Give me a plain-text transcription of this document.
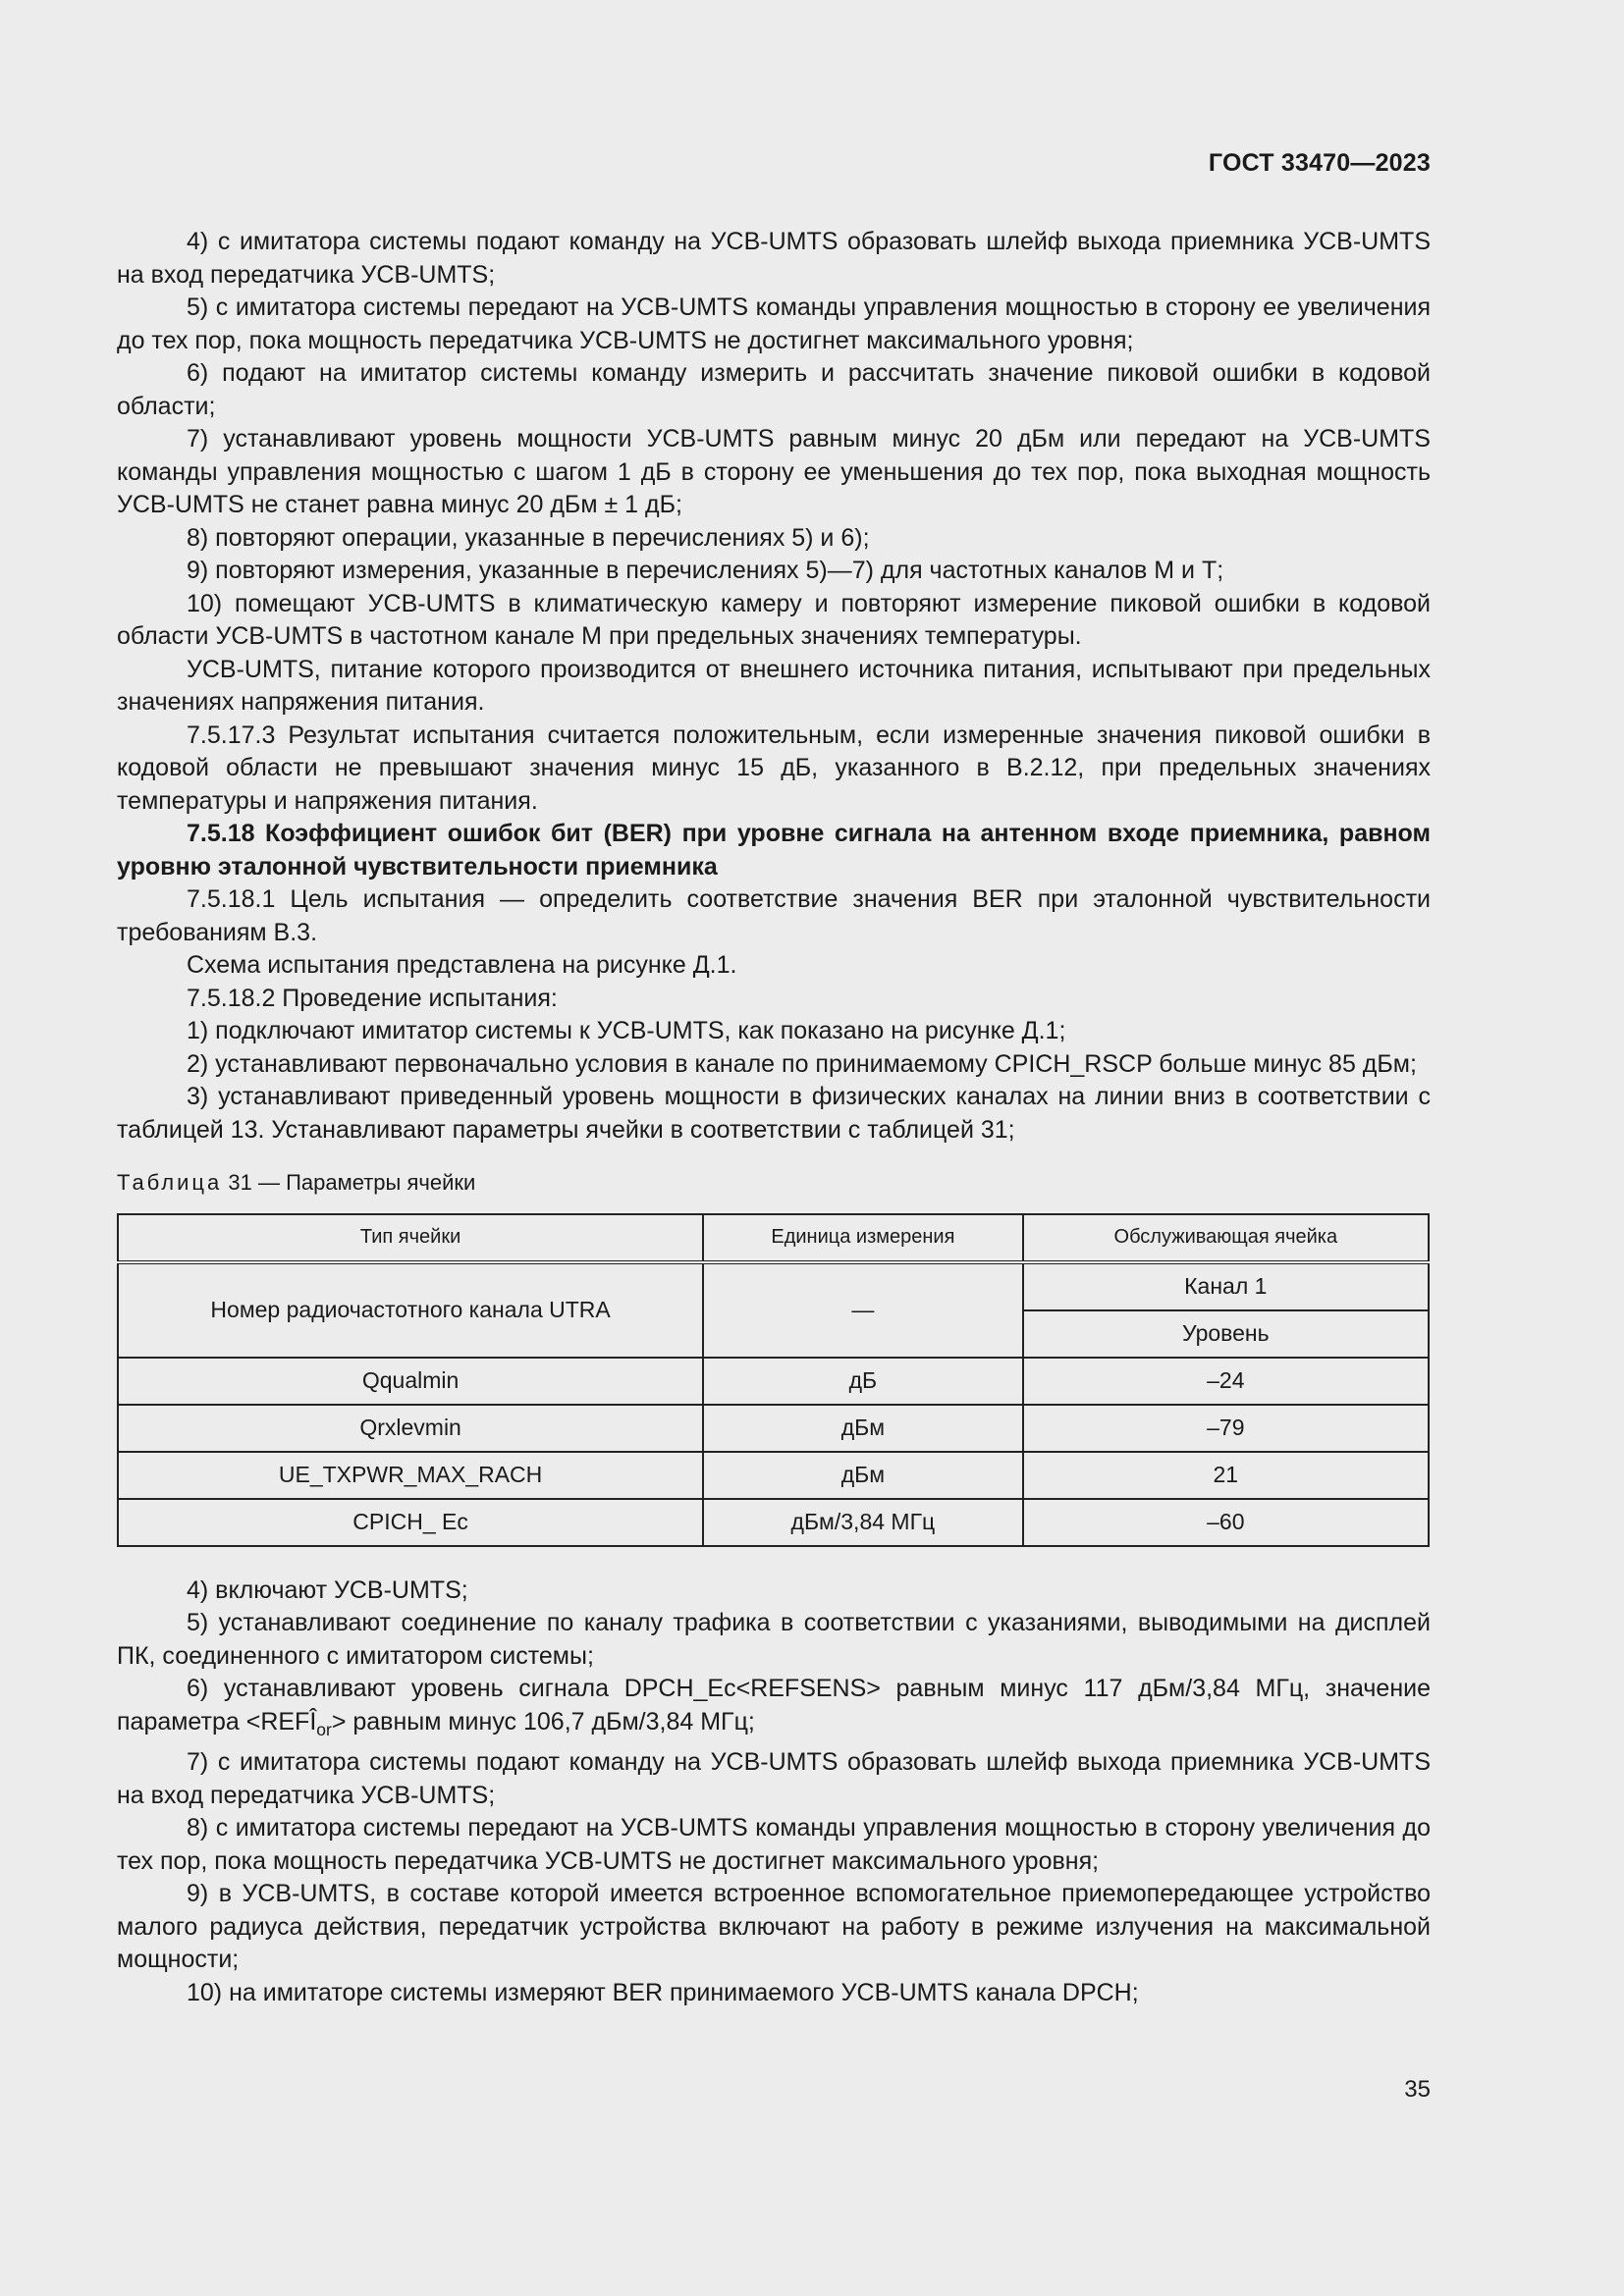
ГОСТ 33470—2023

4) с имитатора системы подают команду на УСВ-UMTS образовать шлейф выхода приемника УСВ-UMTS на вход передатчика УСВ-UMTS;

5) с имитатора системы передают на УСВ-UMTS команды управления мощностью в сторону ее увеличения до тех пор, пока мощность передатчика УСВ-UMTS не достигнет максимального уровня;

6) подают на имитатор системы команду измерить и рассчитать значение пиковой ошибки в кодовой области;

7) устанавливают уровень мощности УСВ-UMTS равным минус 20 дБм или передают на УСВ-UMTS команды управления мощностью с шагом 1 дБ в сторону ее уменьшения до тех пор, пока выходная мощность УСВ-UMTS не станет равна минус 20 дБм ± 1 дБ;

8) повторяют операции, указанные в перечислениях 5) и 6);

9) повторяют измерения, указанные в перечислениях 5)—7) для частотных каналов М и Т;

10) помещают УСВ-UMTS в климатическую камеру и повторяют измерение пиковой ошибки в кодовой области УСВ-UMTS в частотном канале М при предельных значениях температуры.

УСВ-UMTS, питание которого производится от внешнего источника питания, испытывают при предельных значениях напряжения питания.

7.5.17.3 Результат испытания считается положительным, если измеренные значения пиковой ошибки в кодовой области не превышают значения минус 15 дБ, указанного в В.2.12, при предельных значениях температуры и напряжения питания.

7.5.18 Коэффициент ошибок бит (BER) при уровне сигнала на антенном входе приемника, равном уровню эталонной чувствительности приемника

7.5.18.1 Цель испытания — определить соответствие значения BER при эталонной чувствительности требованиям В.3.

Схема испытания представлена на рисунке Д.1.

7.5.18.2 Проведение испытания:

1) подключают имитатор системы к УСВ-UMTS, как показано на рисунке Д.1;

2) устанавливают первоначально условия в канале по принимаемому CPICH_RSCP больше минус 85 дБм;

3) устанавливают приведенный уровень мощности в физических каналах на линии вниз в соответствии с таблицей 13. Устанавливают параметры ячейки в соответствии с таблицей 31;

Таблица 31 — Параметры ячейки
Тип ячейки	Единица измерения	Обслуживающая ячейка
Номер радиочастотного канала UTRA	—	Канал 1
		Уровень
Qqualmin	дБ	–24
Qrxlevmin	дБм	–79
UE_TXPWR_MAX_RACH	дБм	21
CPICH_ Ec	дБм/3,84 МГц	–60

4) включают УСВ-UMTS;

5) устанавливают соединение по каналу трафика в соответствии с указаниями, выводимыми на дисплей ПК, соединенного с имитатором системы;

6) устанавливают уровень сигнала DPCH_Ec<REFSENS> равным минус 117 дБм/3,84 МГц, значение параметра $<REFÎ_{or}>$ равным минус 106,7 дБм/3,84 МГц;

7) с имитатора системы подают команду на УСВ-UMTS образовать шлейф выхода приемника УСВ-UMTS на вход передатчика УСВ-UMTS;

8) с имитатора системы передают на УСВ-UMTS команды управления мощностью в сторону увеличения до тех пор, пока мощность передатчика УСВ-UMTS не достигнет максимального уровня;

9) в УСВ-UMTS, в составе которой имеется встроенное вспомогательное приемопередающее устройство малого радиуса действия, передатчик устройства включают на работу в режиме излучения на максимальной мощности;

10) на имитаторе системы измеряют BER принимаемого УСВ-UMTS канала DPCH;

35
